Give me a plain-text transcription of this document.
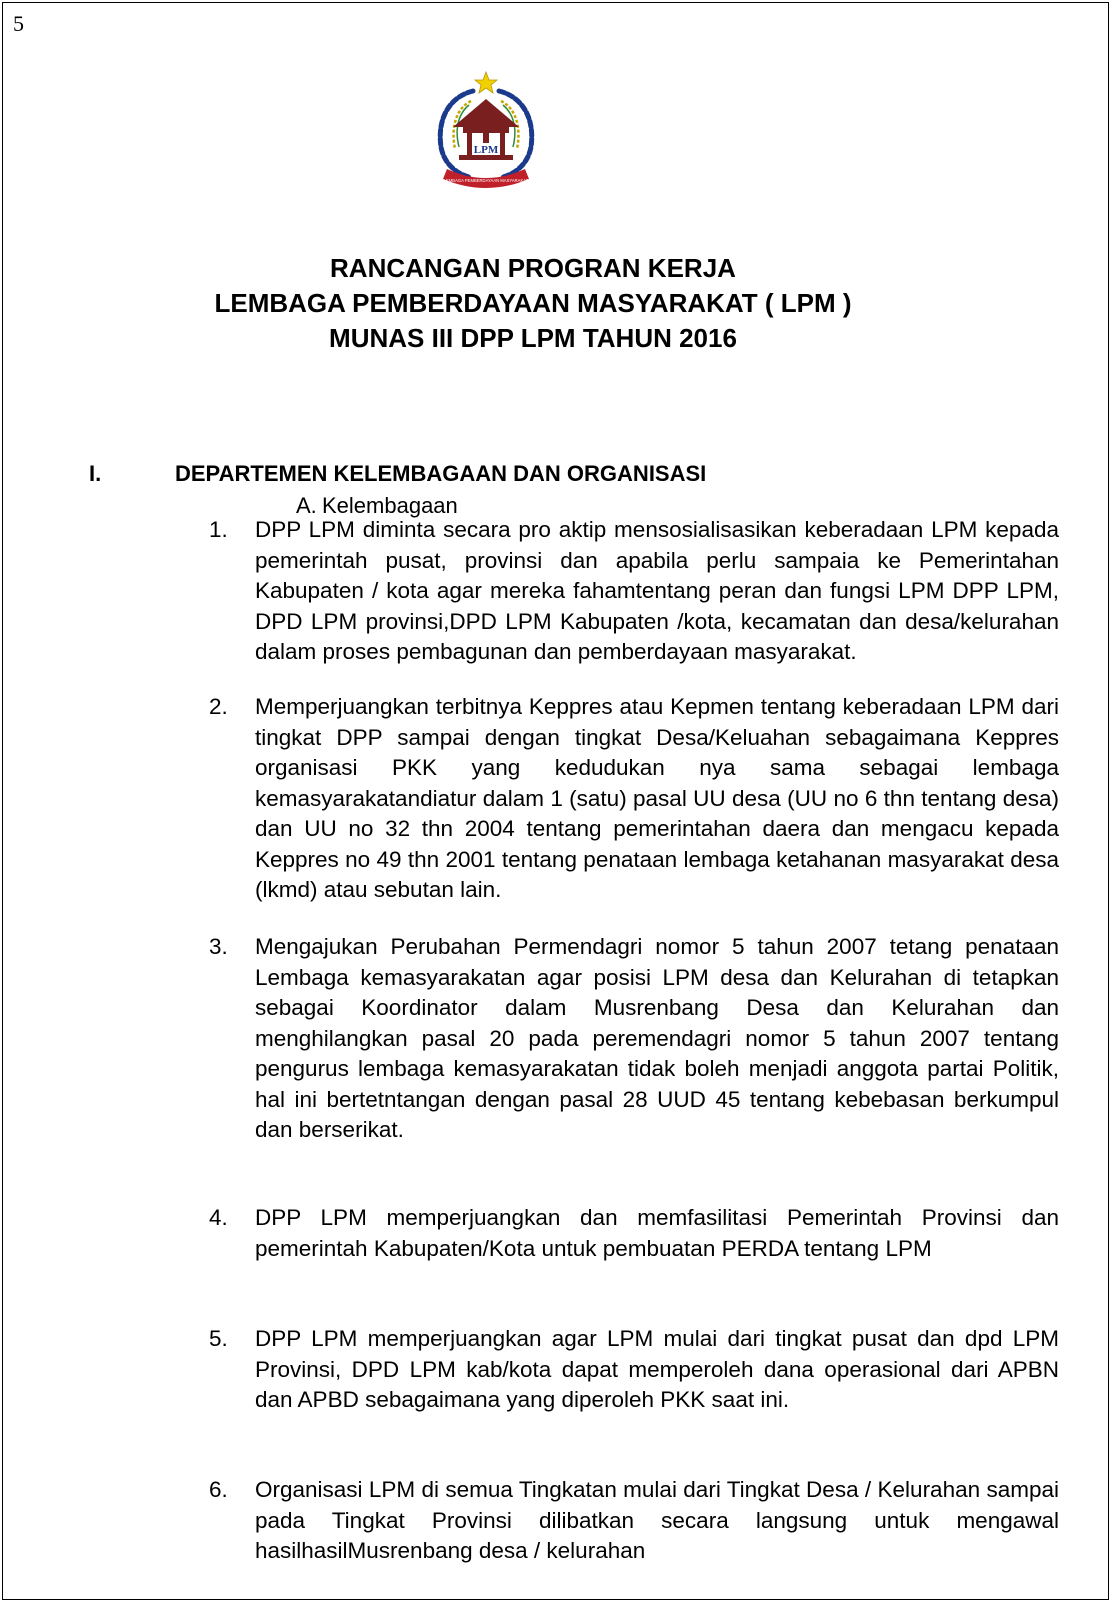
5
LPM
LEMBAGA PEMBERDAYAAN MASYARAKAT
RANCANGAN PROGRAN KERJA
LEMBAGA PEMBERDAYAAN MASYARAKAT ( LPM )
MUNAS III DPP LPM TAHUN 2016
I.	DEPARTEMEN KELEMBAGAAN DAN ORGANISASI
A. Kelembagaan
1. DPP LPM diminta secara pro aktip mensosialisasikan keberadaan LPM kepada pemerintah pusat, provinsi dan apabila perlu sampaia ke Pemerintahan Kabupaten / kota agar mereka fahamtentang peran dan fungsi LPM DPP LPM, DPD LPM provinsi,DPD LPM Kabupaten /kota, kecamatan dan desa/kelurahan dalam proses pembagunan dan pemberdayaan masyarakat.
2. Memperjuangkan terbitnya Keppres atau Kepmen tentang keberadaan LPM dari tingkat DPP sampai dengan tingkat Desa/Keluahan sebagaimana Keppres organisasi PKK yang kedudukan nya sama sebagai lembaga kemasyarakatandiatur dalam 1 (satu) pasal UU desa (UU no 6 thn tentang desa) dan UU no 32 thn 2004 tentang pemerintahan daera dan mengacu kepada Keppres no 49 thn 2001 tentang penataan lembaga ketahanan masyarakat desa (lkmd) atau sebutan lain.
3. Mengajukan Perubahan Permendagri nomor 5 tahun 2007 tetang penataan Lembaga kemasyarakatan agar posisi LPM desa dan Kelurahan di tetapkan sebagai Koordinator dalam Musrenbang Desa dan Kelurahan dan menghilangkan pasal 20 pada peremendagri nomor 5 tahun 2007 tentang pengurus lembaga kemasyarakatan tidak boleh menjadi anggota partai Politik, hal ini bertetntangan dengan pasal 28 UUD 45 tentang kebebasan berkumpul dan berserikat.
4. DPP LPM memperjuangkan dan memfasilitasi Pemerintah Provinsi dan pemerintah Kabupaten/Kota untuk pembuatan PERDA tentang LPM
5. DPP LPM memperjuangkan agar LPM mulai dari tingkat pusat dan dpd LPM Provinsi, DPD LPM kab/kota dapat memperoleh dana operasional dari APBN dan APBD sebagaimana yang diperoleh PKK saat ini.
6. Organisasi LPM di semua Tingkatan mulai dari Tingkat Desa / Kelurahan sampai pada Tingkat Provinsi dilibatkan secara langsung untuk mengawal hasilhasilMusrenbang desa / kelurahan
